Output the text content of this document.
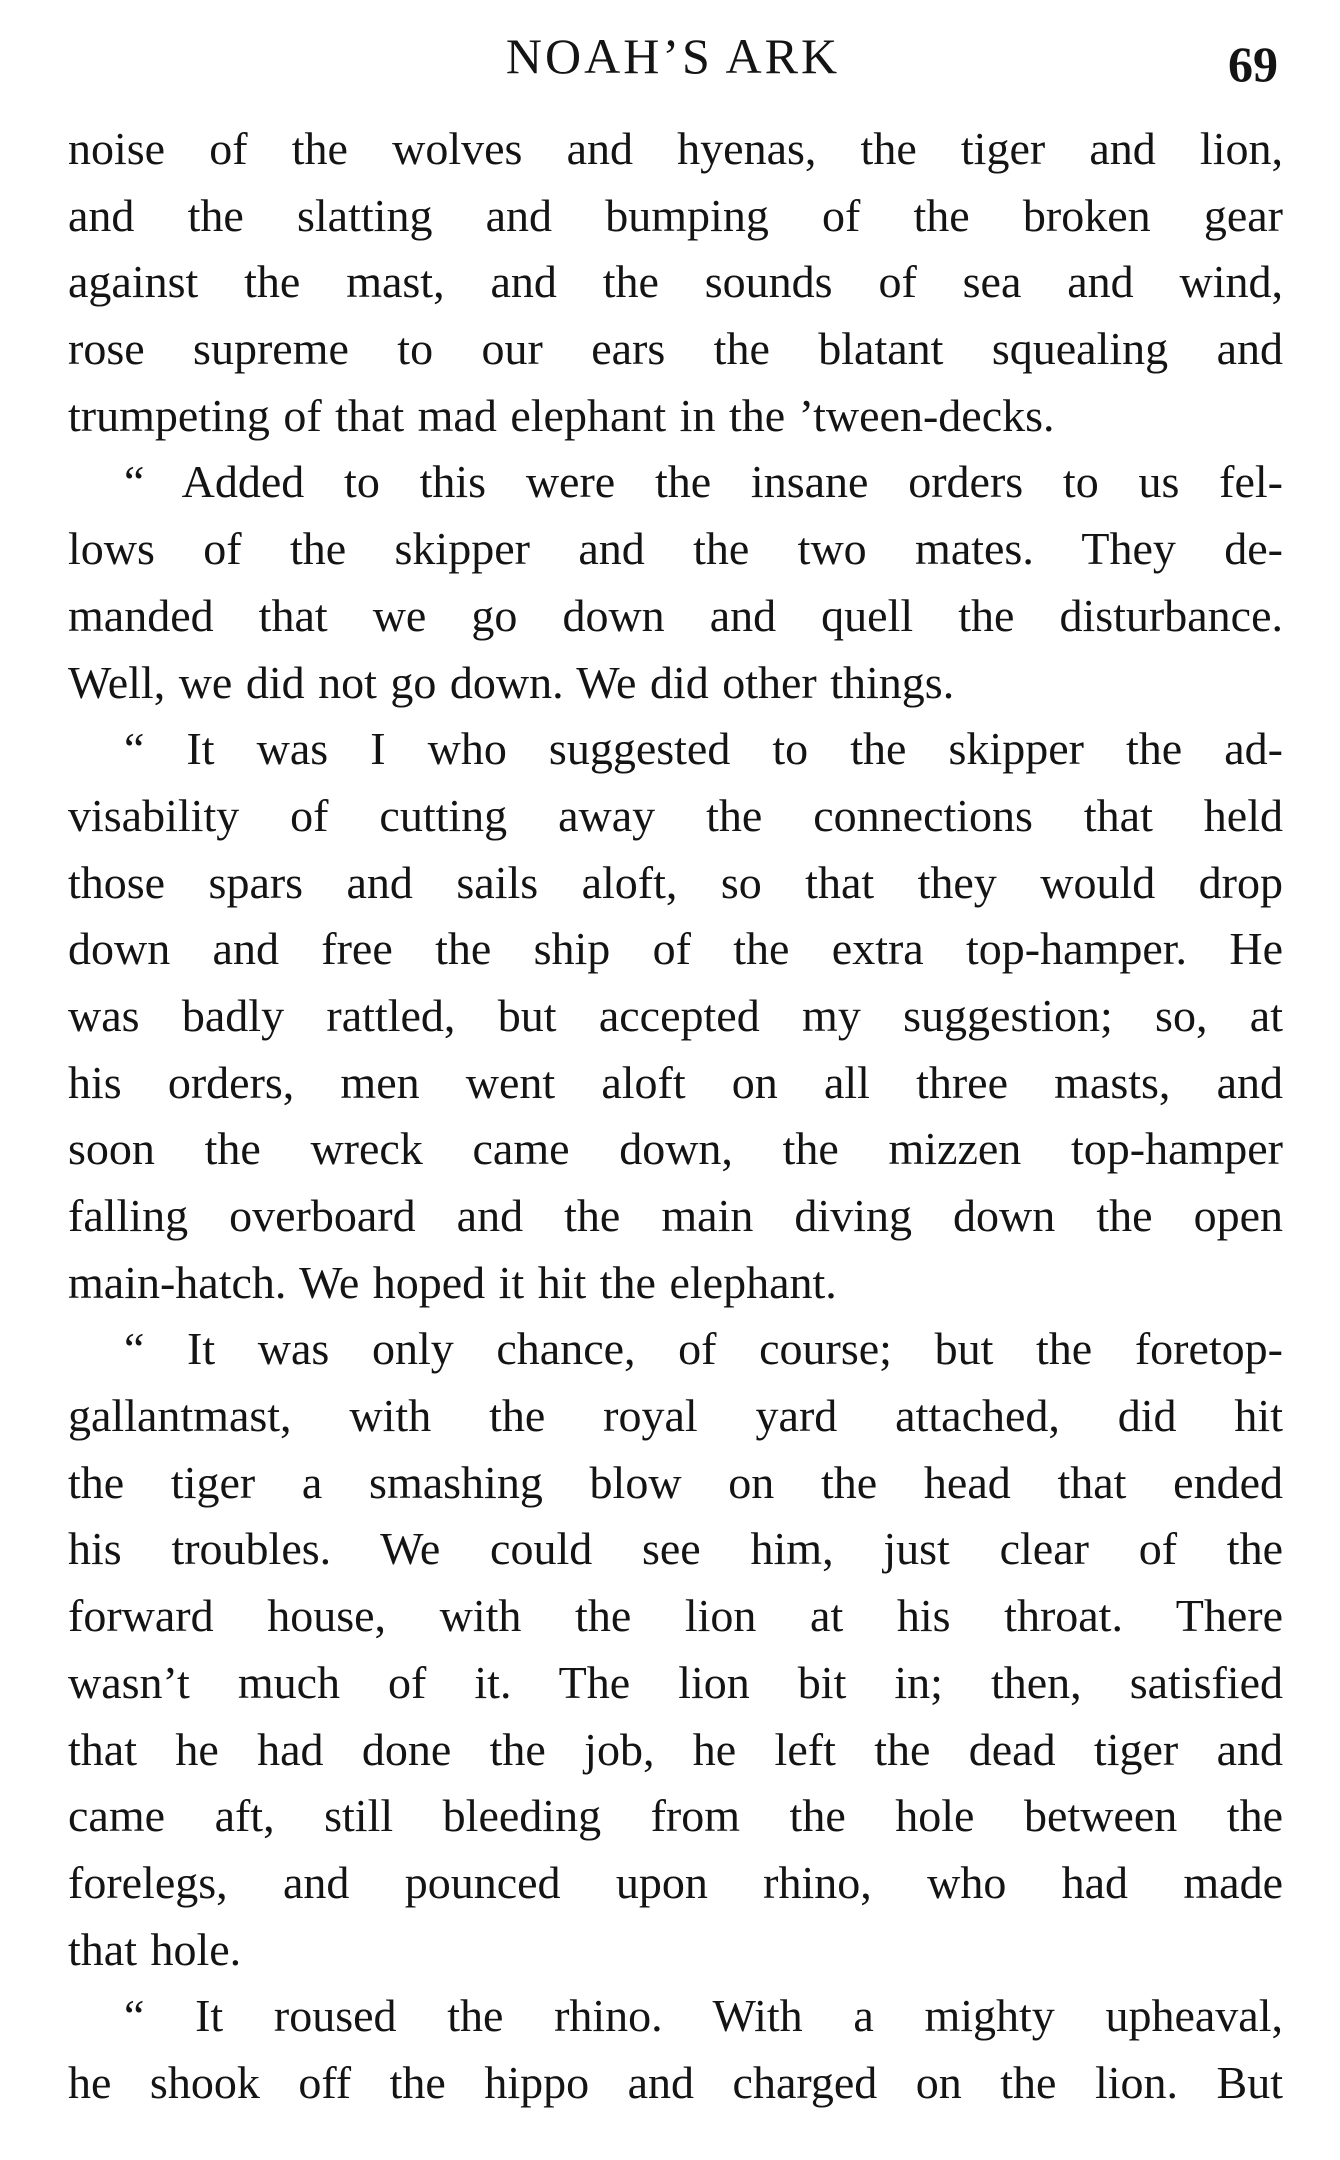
NOAH’S ARK	69
noise of the wolves and hyenas, the tiger and lion,
and the slatting and bumping of the broken gear
against the mast, and the sounds of sea and wind,
rose supreme to our ears the blatant squealing and
trumpeting of that mad elephant in the ’tween-decks.
“ Added to this were the insane orders to us fel-
lows of the skipper and the two mates. They de-
manded that we go down and quell the disturbance.
Well, we did not go down. We did other things.
“ It was I who suggested to the skipper the ad-
visability of cutting away the connections that held
those spars and sails aloft, so that they would drop
down and free the ship of the extra top-hamper. He
was badly rattled, but accepted my suggestion; so, at
his orders, men went aloft on all three masts, and
soon the wreck came down, the mizzen top-hamper
falling overboard and the main diving down the open
main-hatch. We hoped it hit the elephant.
“ It was only chance, of course; but the foretop-
gallantmast, with the royal yard attached, did hit
the tiger a smashing blow on the head that ended
his troubles. We could see him, just clear of the
forward house, with the lion at his throat. There
wasn’t much of it. The lion bit in; then, satisfied
that he had done the job, he left the dead tiger and
came aft, still bleeding from the hole between the
forelegs, and pounced upon rhino, who had made
that hole.
“ It roused the rhino. With a mighty upheaval,
he shook off the hippo and charged on the lion. But
